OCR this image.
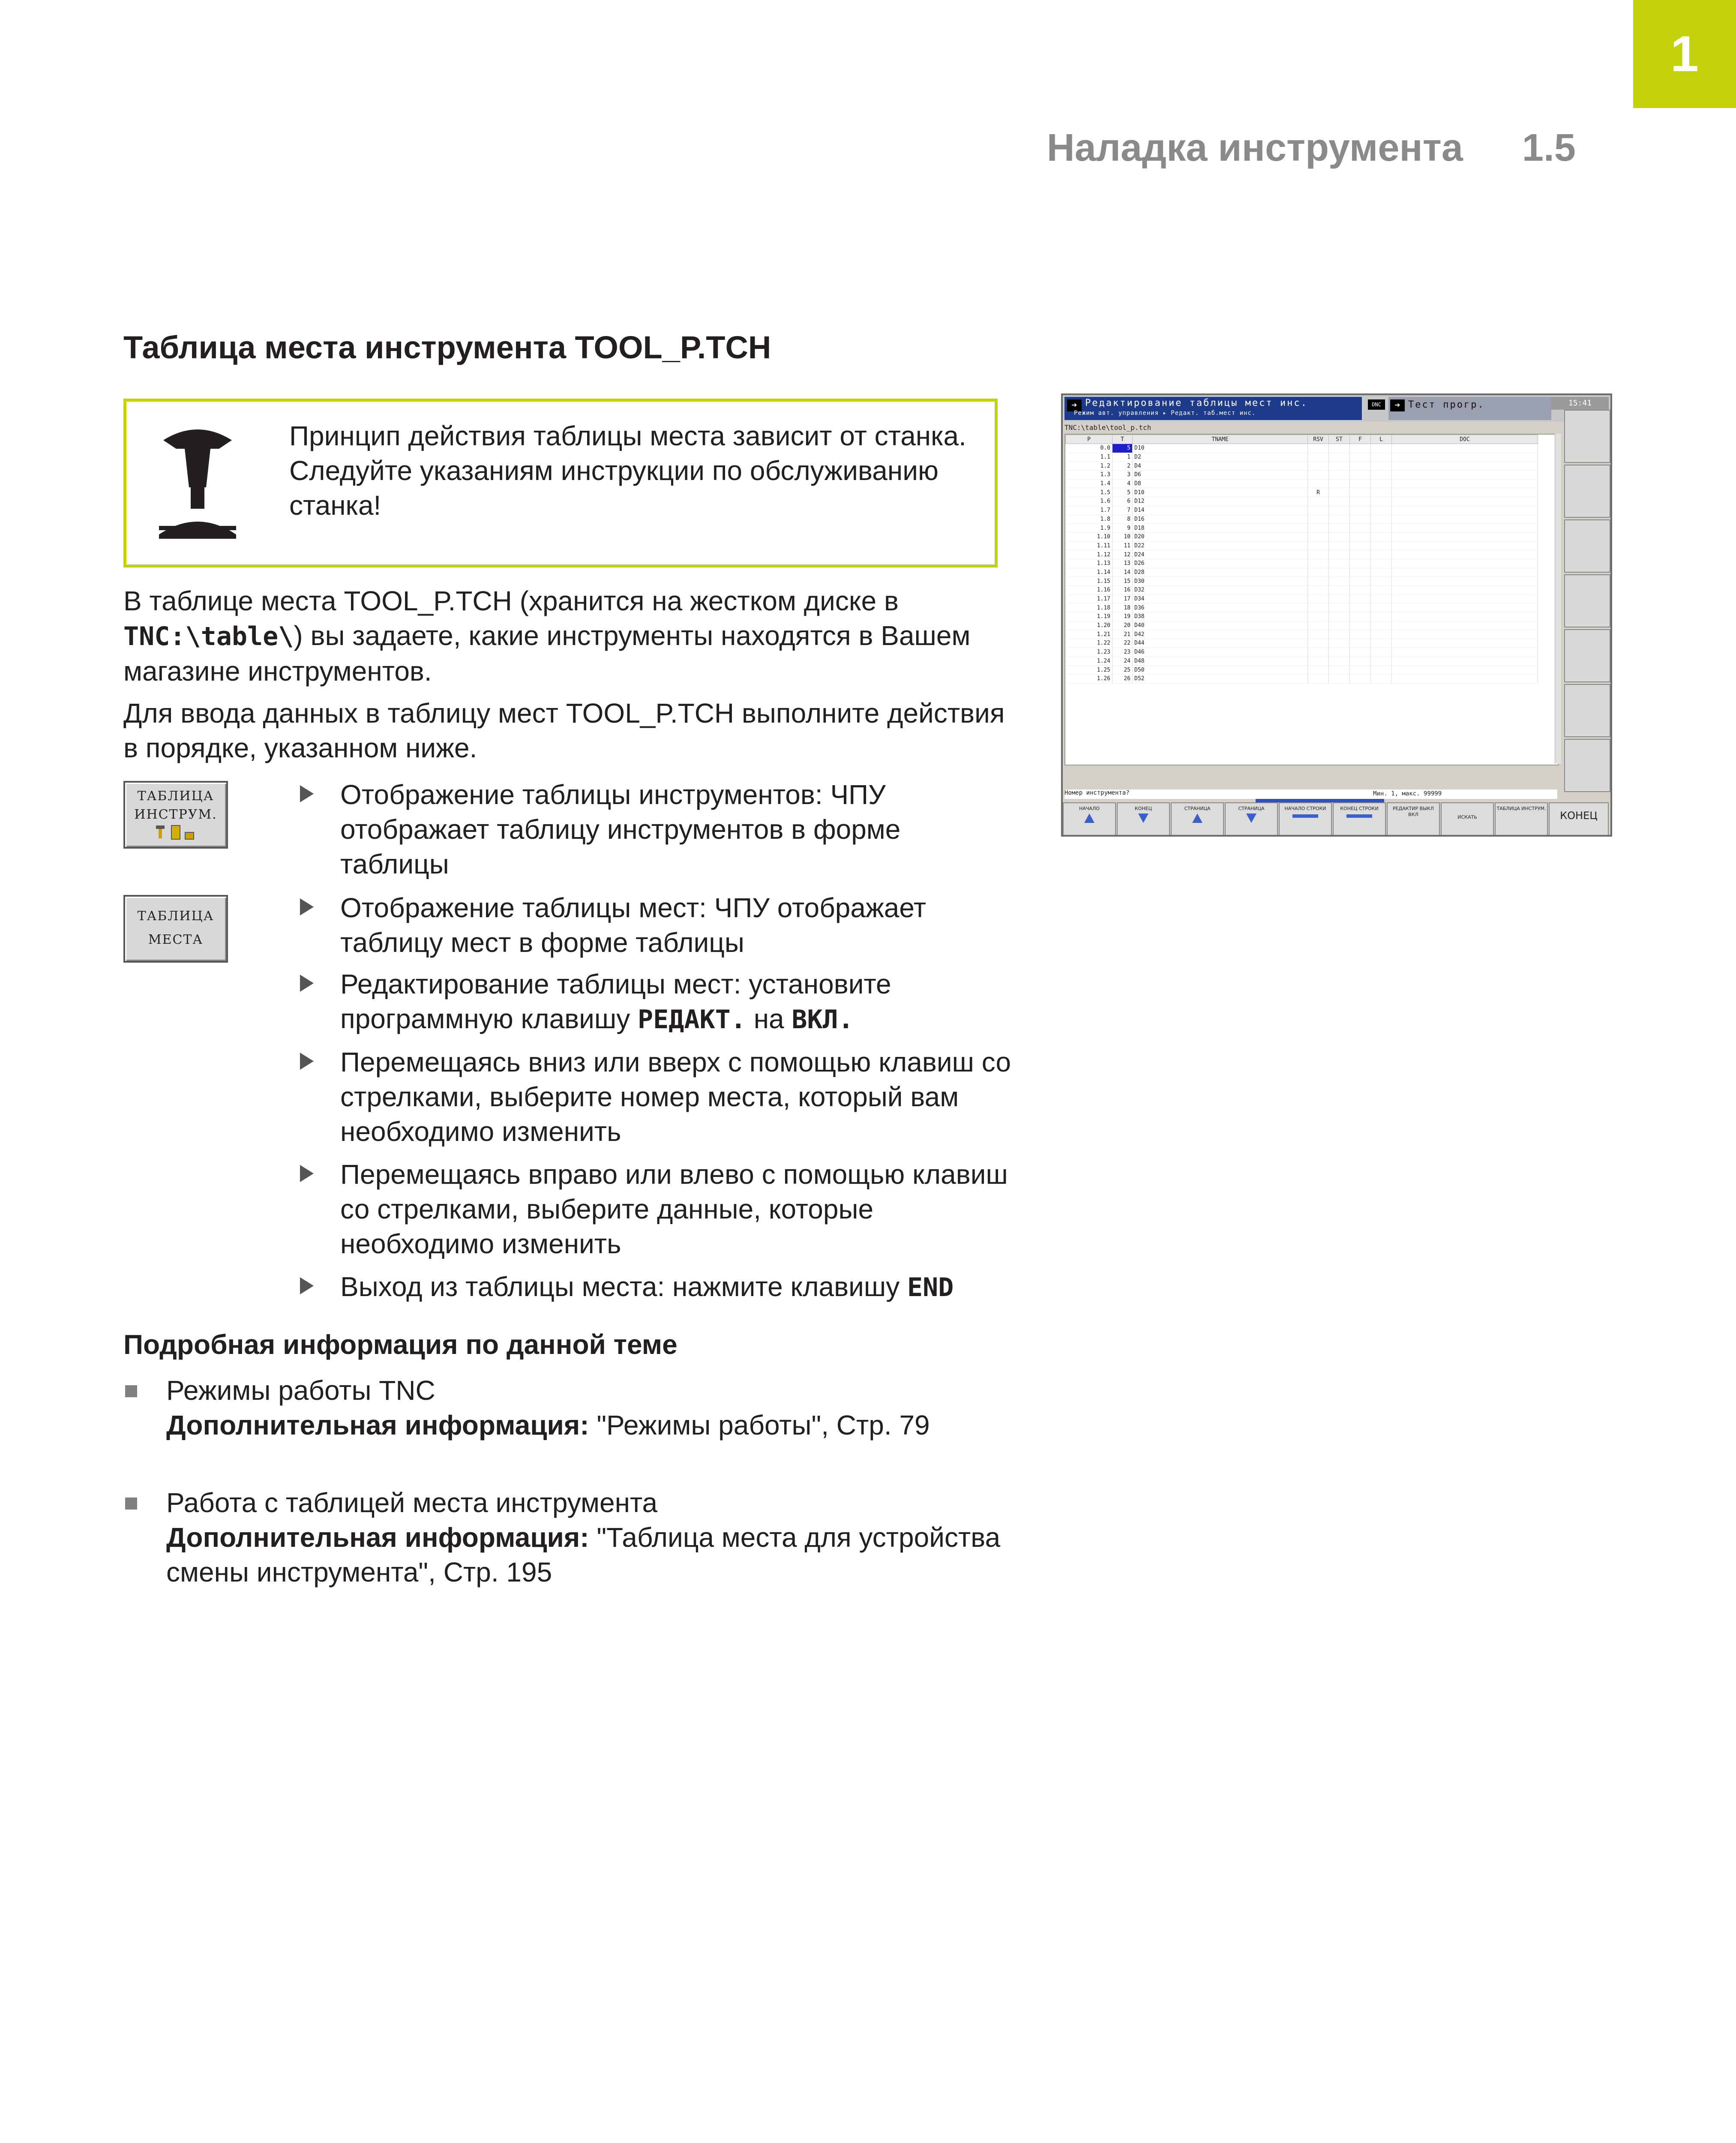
1
Наладка инструмента 1.5
Таблица места инструмента TOOL_P.TCH
Принцип действия таблицы места зависит от станка. Следуйте указаниям инструкции по обслуживанию станка!
В таблице места TOOL_P.TCH (хранится на жестком диске в TNC:\table\) вы задаете, какие инструменты находятся в Вашем магазине инструментов.
Для ввода данных в таблицу мест TOOL_P.TCH выполните действия в порядке, указанном ниже.
ТАБЛИЦА
ИНСТРУМ.
ТАБЛИЦА
МЕСТА
Отображение таблицы инструментов: ЧПУ отображает таблицу инструментов в форме таблицы
Отображение таблицы мест: ЧПУ отображает таблицу мест в форме таблицы
Редактирование таблицы мест: установите программную клавишу РЕДАКТ. на ВКЛ.
Перемещаясь вниз или вверх с помощью клавиш со стрелками, выберите номер места, который вам необходимо изменить
Перемещаясь вправо или влево с помощью клавиш со стрелками, выберите данные, которые необходимо изменить
Выход из таблицы места: нажмите клавишу END
Подробная информация по данной теме
Режимы работы TNC
Дополнительная информация: "Режимы работы", Стр. 79
Работа с таблицей места инструмента
Дополнительная информация: "Таблица места для устройства смены инструмента", Стр. 195
➔ Редактирование таблицы мест инс.
Режим авт. управления ▸ Редакт. таб.мест инс.
DNC	➔ Тест прогр.	15:41
TNC:\table\tool_p.tch
P	T	TNAME	RSV	ST	F	L	DOC
0.0	5	D10					
1.1	1	D2					
1.2	2	D4					
1.3	3	D6					
1.4	4	D8					
1.5	5	D10	R				
1.6	6	D12					
1.7	7	D14					
1.8	8	D16					
1.9	9	D18					
1.10	10	D20					
1.11	11	D22					
1.12	12	D24					
1.13	13	D26					
1.14	14	D28					
1.15	15	D30					
1.16	16	D32					
1.17	17	D34					
1.18	18	D36					
1.19	19	D38					
1.20	20	D40					
1.21	21	D42					
1.22	22	D44					
1.23	23	D46					
1.24	24	D48					
1.25	25	D50					
1.26	26	D52					
Номер инструмента?	Мин. 1, макс. 99999
НАЧАЛО	КОНЕЦ	СТРАНИЦА	СТРАНИЦА	НАЧАЛО СТРОКИ	КОНЕЦ СТРОКИ	РЕДАКТИР ВЫКЛ ВКЛ	ИСКАТЬ
ТАБЛИЦА ИНСТРУМ.
КОНЕЦ
